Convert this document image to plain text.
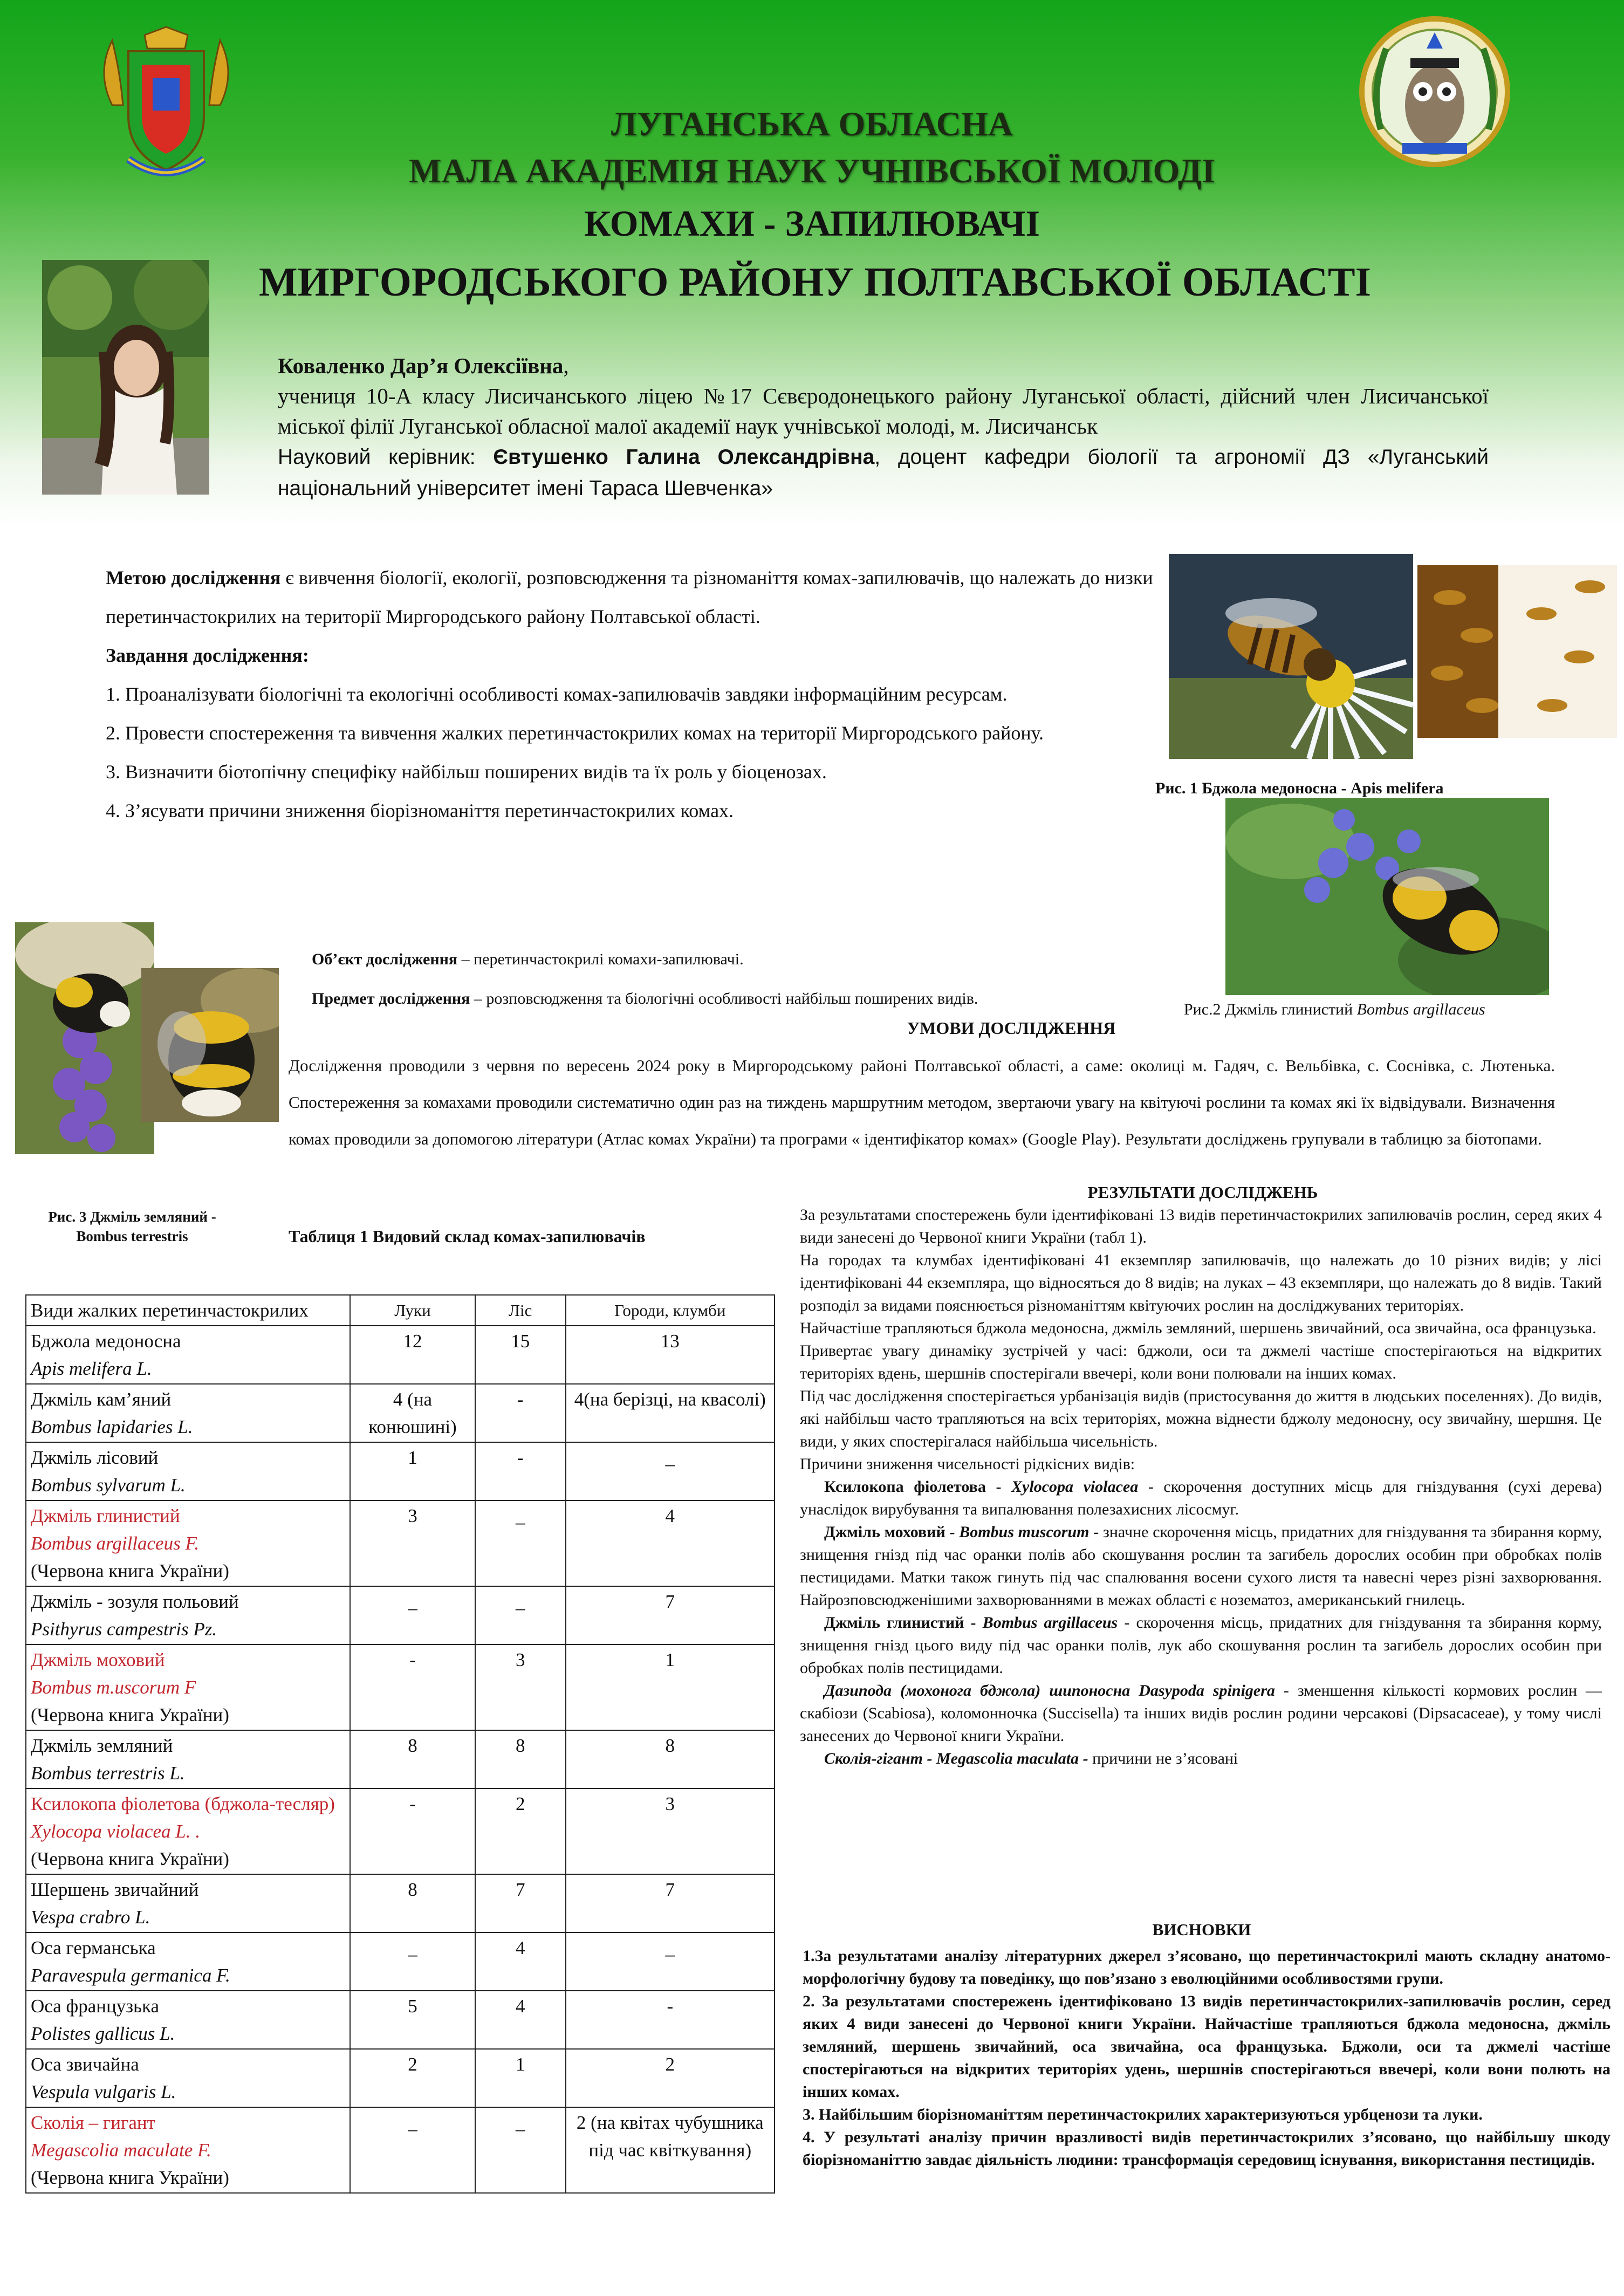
ЛУГАНСЬКА ОБЛАСНА
МАЛА АКАДЕМІЯ НАУК УЧНІВСЬКОЇ МОЛОДІ
КОМАХИ - ЗАПИЛЮВАЧІ
МИРГОРОДСЬКОГО РАЙОНУ ПОЛТАВСЬКОЇ ОБЛАСТІ
Коваленко Дар’я Олексіївна,
учениця 10-А класу Лисичанського ліцею №17 Сєвєродонецького району Луганської області, дійсний член Лисичанської міської філії Луганської обласної малої академії наук учнівської молоді, м. Лисичанськ
Науковий керівник: Євтушенко Галина Олександрівна, доцент кафедри біології та агрономії ДЗ «Луганський національний університет імені Тараса Шевченка»

Метою дослідження є вивчення біології, екології, розповсюдження та різноманіття комах-запилювачів, що належать до низки перетинчастокрилих на території Миргородського району Полтавської області.

Завдання дослідження:

1. Проаналізувати біологічні та екологічні особливості комах-запилювачів завдяки інформаційним ресурсам.

2. Провести спостереження та вивчення жалких перетинчастокрилих комах на території Миргородського району.

3. Визначити біотопічну специфіку найбільш поширених видів та їх роль у біоценозах.

4. З’ясувати причини зниження біорізноманіття перетинчастокрилих комах.

Рис. 1 Бджола медоносна - Apis melifera
Рис.2 Джміль глинистий Bombus argillaceus
Рис. 3 Джміль земляний -
Bombus terrestris

Об’єкт дослідження – перетинчастокрилі комахи-запилювачі.

Предмет дослідження – розповсюдження та біологічні особливості найбільш поширених видів.

УМОВИ ДОСЛІДЖЕННЯ
Дослідження проводили з червня по вересень 2024 року в Миргородському районі Полтавської області, а саме: околиці м. Гадяч, с. Вельбівка, с. Соснівка, с. Лютенька. Спостереження за комахами проводили систематично один раз на тиждень маршрутним методом, звертаючи увагу на квітуючі рослини та комах які їх відвідували. Визначення комах проводили за допомогою літератури (Атлас комах України) та програми « ідентифікатор комах» (Google Play). Результати досліджень групували в таблицю за біотопами.
Таблиця 1 Видовий склад комах-запилювачів
Види жалких перетинчастокрилих	Луки	Ліс	Городи, клумби
Бджола медоносна
Apis melifera L.	12	15	13
Джміль кам’яний
Bombus lapidaries L.	4 (на конюшині)	-	4(на берізці, на квасолі)
Джміль лісовий
Bombus sylvarum L.	1	-	_
Джміль глинистий
Bombus argillaceus F.
(Червона книга України)	3	_	4
Джміль - зозуля польовий
Psithyrus campestris Pz.	_	_	7
Джміль моховий
Bombus m.uscorum F
(Червона книга України)	-	3	1
Джміль земляний
Bombus terrestris L.	8	8	8
Ксилокопа фіолетова (бджола-тесляр)
Xylocopa violacea L. .
(Червона книга України)	-	2	3
Шершень звичайний
Vespa crabro L.	8	7	7
Оса германська
Paravespula germanica F.	_	4	_
Оса французька
Polistes gallicus L.	5	4	-
Оса звичайна
Vespula vulgaris L.	2	1	2
Сколія – гигант
Megascolia maculate F.
(Червона книга України)	_	_	2 (на квітах чубушника під час квіткування)
РЕЗУЛЬТАТИ ДОСЛІДЖЕНЬ

За результатами спостережень були ідентифіковані 13 видів перетинчастокрилих запилювачів рослин, серед яких 4 види занесені до Червоної книги України (табл 1).

На городах та клумбах ідентифіковані 41 екземпляр запилювачів, що належать до 10 різних видів; у лісі ідентифіковані 44 екземпляра, що відносяться до 8 видів; на луках – 43 екземпляри, що належать до 8 видів. Такий розподіл за видами пояснюється різноманіттям квітуючих рослин на досліджуваних територіях.

Найчастіше трапляються бджола медоносна, джміль земляний, шершень звичайний, оса звичайна, оса французька.

Привертає увагу динаміку зустрічей у часі: бджоли, оси та джмелі частіше спостерігаються на відкритих територіях вдень, шершнів спостерігали ввечері, коли вони полювали на інших комах.

Під час дослідження спостерігається урбанізація видів (пристосування до життя в людських поселеннях). До видів, які найбільш часто трапляються на всіх територіях, можна віднести бджолу медоносну, осу звичайну, шершня. Це види, у яких спостерігалася найбільша чисельність.

Причини зниження чисельності рідкісних видів:

Ксилокопа фіолетова - Xylocopa violacea - скорочення доступних місць для гніздування (сухі дерева) унаслідок вирубування та випалювання полезахисних лісосмуг.

Джміль моховий - Bombus muscorum - значне скорочення місць, придатних для гніздування та збирання корму, знищення гнізд під час оранки полів або скошування рослин та загибель дорослих особин при обробках полів пестицидами. Матки також гинуть під час спалювання восени сухого листя та навесні через різні захворювання. Найрозповсюдженішими захворюваннями в межах області є нозематоз, американський гнилець.

Джміль глинистий - Bombus argillaceus - скорочення місць, придатних для гніздування та збирання корму, знищення гнізд цього виду під час оранки полів, лук або скошування рослин та загибель дорослих особин при обробках полів пестицидами.

Дазипода (мохонога бджола) шипоносна Dasypoda spinigera - зменшення кількості кормових рослин — скабіози (Scabiosa), коломонночка (Succisella) та інших видів рослин родини черсакові (Dipsacaceae), у тому числі занесених до Червоної книги України.

Сколія-гігант - Megascolia maculata - причини не з’ясовані

ВИСНОВКИ

1.За результатами аналізу літературних джерел з’ясовано, що перетинчастокрилі мають складну анатомо-морфологічну будову та поведінку, що пов’язано з еволюційними особливостями групи.

2. За результатами спостережень ідентифіковано 13 видів перетинчастокрилих-запилювачів рослин, серед яких 4 види занесені до Червоної книги України. Найчастіше трапляються бджола медоносна, джміль земляний, шершень звичайний, оса звичайна, оса французька. Бджоли, оси та джмелі частіше спостерігаються на відкритих територіях удень, шершнів спостерігаються ввечері, коли вони полють на інших комах.

3. Найбільшим біорізноманіттям перетинчастокрилих характеризуються урбценози та луки.

4. У результаті аналізу причин вразливості видів перетинчастокрилих з’ясовано, що найбільшу шкоду біорізноманіттю завдає діяльність людини: трансформація середовищ існування, використання пестицидів.
